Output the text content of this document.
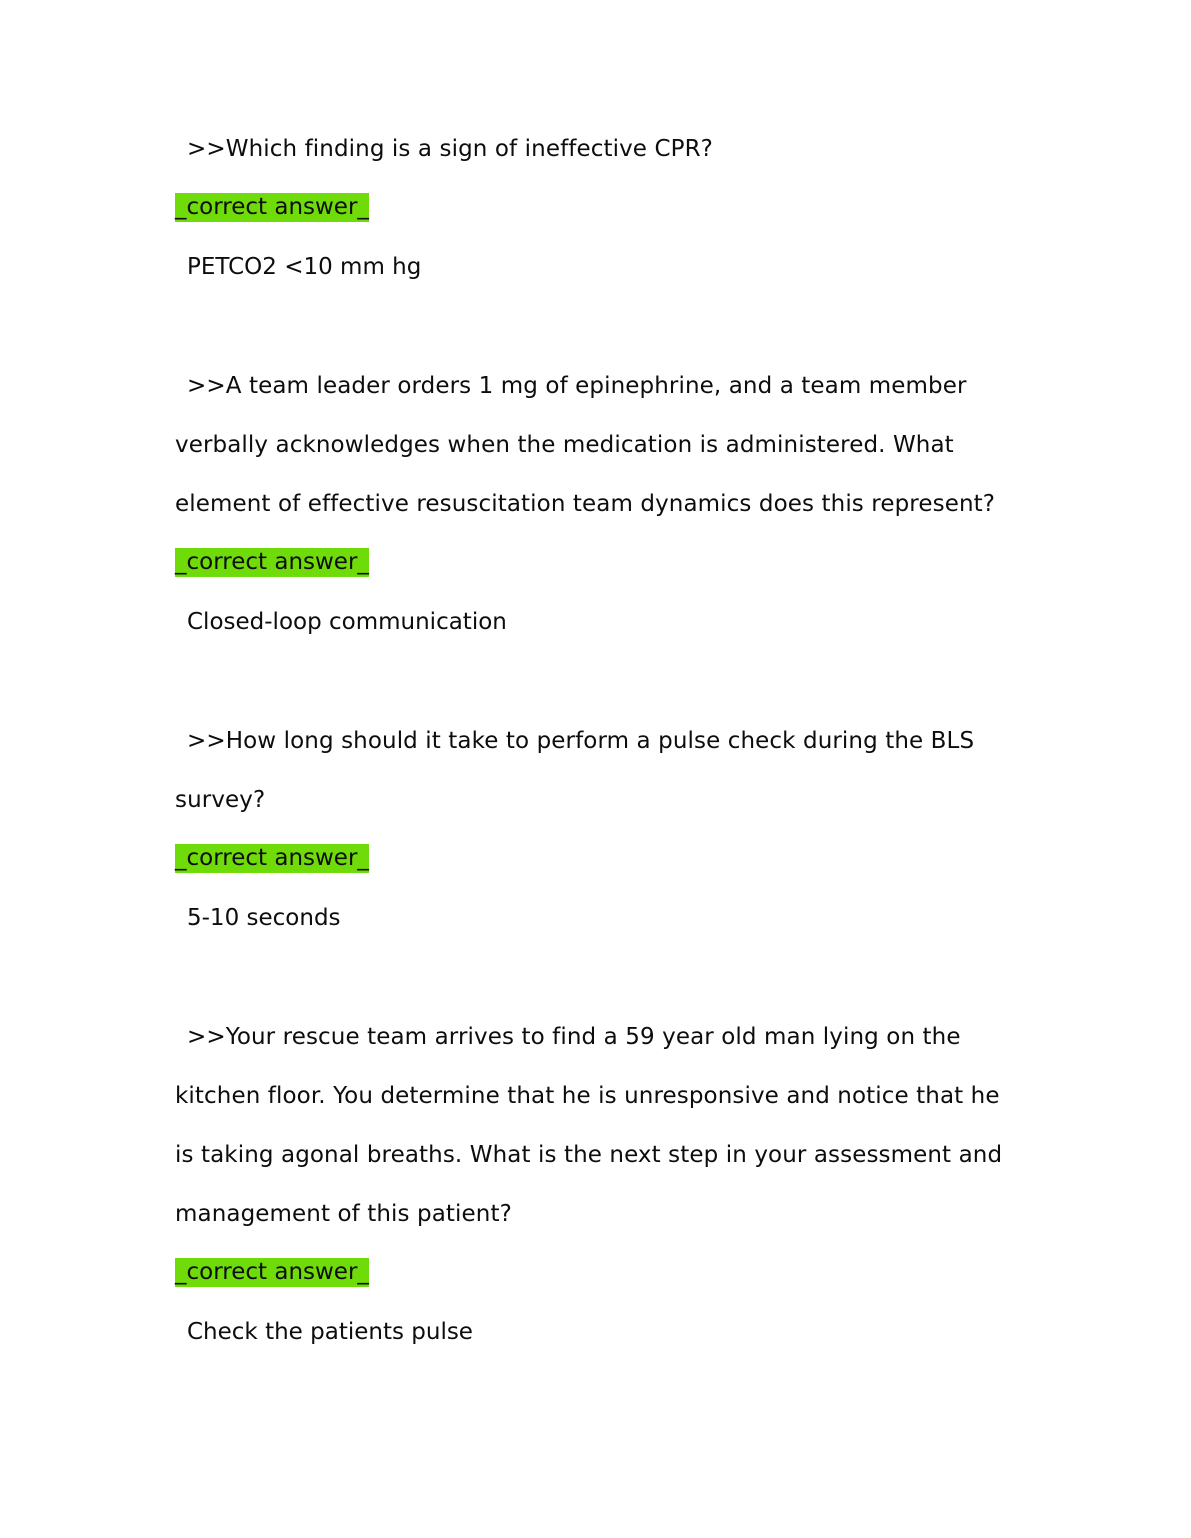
>>Which finding is a sign of ineffective CPR?

_correct answer_

PETCO2 <10 mm hg

>>A team leader orders 1 mg of epinephrine, and a team member verbally acknowledges when the medication is administered. What element of effective resuscitation team dynamics does this represent?

_correct answer_

Closed-loop communication

>>How long should it take to perform a pulse check during the BLS survey?

_correct answer_

5-10 seconds

>>Your rescue team arrives to find a 59 year old man lying on the kitchen floor. You determine that he is unresponsive and notice that he is taking agonal breaths. What is the next step in your assessment and management of this patient?

_correct answer_

Check the patients pulse
